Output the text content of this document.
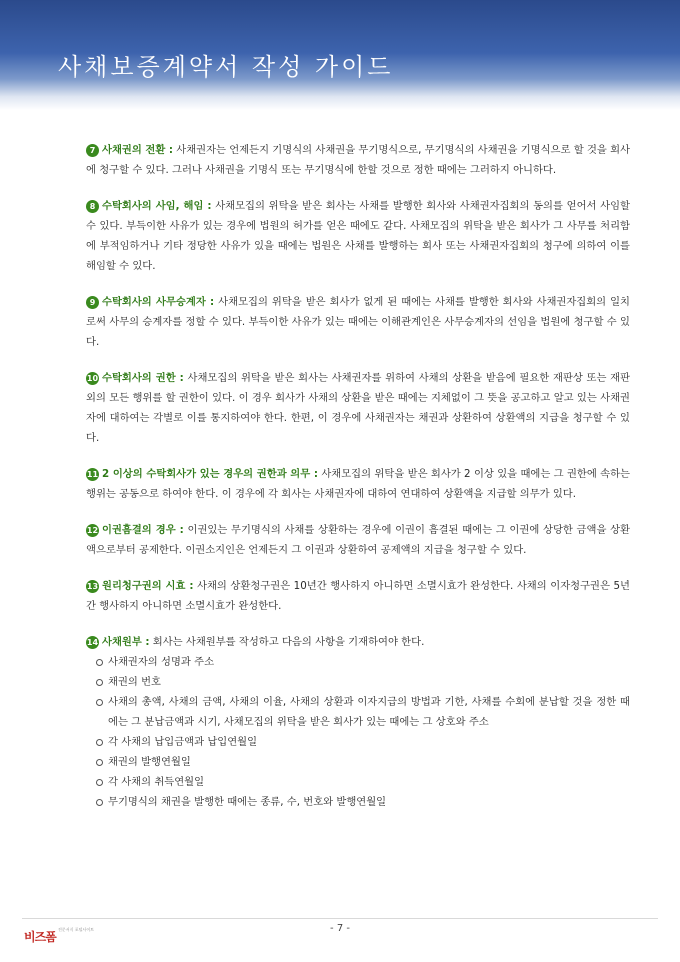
사채보증계약서 작성 가이드

7 사채권의 전환 : 사채권자는 언제든지 기명식의 사채권을 무기명식으로, 무기명식의 사채권을 기명식으로 할 것을 회사에 청구할 수 있다. 그러나 사채권을 기명식 또는 무기명식에 한할 것으로 정한 때에는 그러하지 아니하다.

8 수탁회사의 사임, 해임 : 사채모집의 위탁을 받은 회사는 사채를 발행한 회사와 사채권자집회의 동의를 얻어서 사임할 수 있다. 부득이한 사유가 있는 경우에 법원의 허가를 얻은 때에도 같다. 사채모집의 위탁을 받은 회사가 그 사무를 처리함에 부적임하거나 기타 정당한 사유가 있을 때에는 법원은 사채를 발행하는 회사 또는 사채권자집회의 청구에 의하여 이를 해임할 수 있다.

9 수탁회사의 사무승계자 : 사채모집의 위탁을 받은 회사가 없게 된 때에는 사채를 발행한 회사와 사채권자집회의 일치로써 사무의 승계자를 정할 수 있다. 부득이한 사유가 있는 때에는 이해관계인은 사무승계자의 선임을 법원에 청구할 수 있다.

10 수탁회사의 권한 : 사채모집의 위탁을 받은 회사는 사채권자를 위하여 사채의 상환을 받음에 필요한 재판상 또는 재판 외의 모든 행위를 할 권한이 있다. 이 경우 회사가 사채의 상환을 받은 때에는 지체없이 그 뜻을 공고하고 알고 있는 사채권자에 대하여는 각별로 이를 통지하여야 한다. 한편, 이 경우에 사채권자는 채권과 상환하여 상환액의 지급을 청구할 수 있다.

11 2 이상의 수탁회사가 있는 경우의 권한과 의무 : 사채모집의 위탁을 받은 회사가 2 이상 있을 때에는 그 권한에 속하는 행위는 공동으로 하여야 한다. 이 경우에 각 회사는 사채권자에 대하여 연대하여 상환액을 지급할 의무가 있다.

12 이권흠결의 경우 : 이권있는 무기명식의 사채를 상환하는 경우에 이권이 흠결된 때에는 그 이권에 상당한 금액을 상환액으로부터 공제한다. 이권소지인은 언제든지 그 이권과 상환하여 공제액의 지급을 청구할 수 있다.

13 원리청구권의 시효 : 사채의 상환청구권은 10년간 행사하지 아니하면 소멸시효가 완성한다. 사채의 이자청구권은 5년간 행사하지 아니하면 소멸시효가 완성한다.

14 사채원부 : 회사는 사채원부를 작성하고 다음의 사항을 기재하여야 한다.

사채권자의 성명과 주소
채권의 번호
사채의 총액, 사채의 금액, 사채의 이율, 사채의 상환과 이자지급의 방법과 기한, 사채를 수회에 분납할 것을 정한 때에는 그 분납금액과 시기, 사채모집의 위탁을 받은 회사가 있는 때에는 그 상호와 주소
각 사채의 납입금액과 납입연월일
채권의 발행연월일
각 사채의 취득연월일
무기명식의 채권을 발행한 때에는 종류, 수, 번호와 발행연월일
비즈폼
전문서식 포털사이트	- 7 -
